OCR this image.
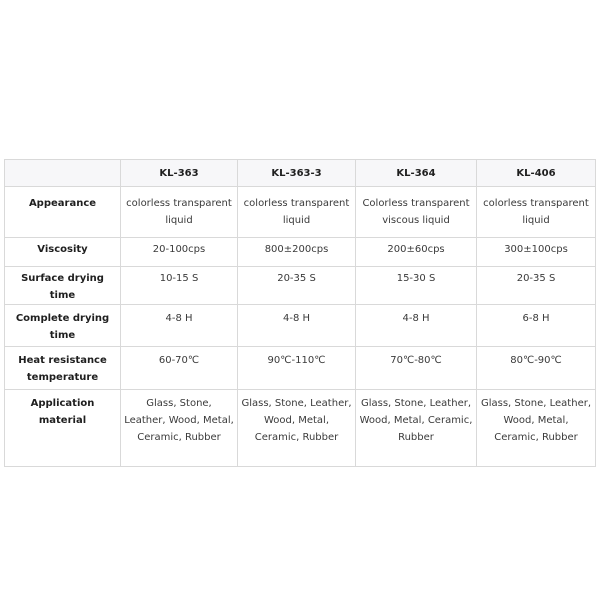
	KL-363	KL-363-3	KL-364	KL-406
Appearance	colorless transparent liquid	colorless transparent liquid	Colorless transparent viscous liquid	colorless transparent liquid
Viscosity	20-100cps	800±200cps	200±60cps	300±100cps
Surface drying time	10-15 S	20-35 S	15-30 S	20-35 S
Complete drying time	4-8 H	4-8 H	4-8 H	6-8 H
Heat resistance temperature	60-70℃	90℃-110℃	70℃-80℃	80℃-90℃
Application material	Glass, Stone, Leather, Wood, Metal, Ceramic, Rubber	Glass, Stone, Leather, Wood, Metal, Ceramic, Rubber	Glass, Stone, Leather, Wood, Metal, Ceramic, Rubber	Glass, Stone, Leather, Wood, Metal, Ceramic, Rubber
